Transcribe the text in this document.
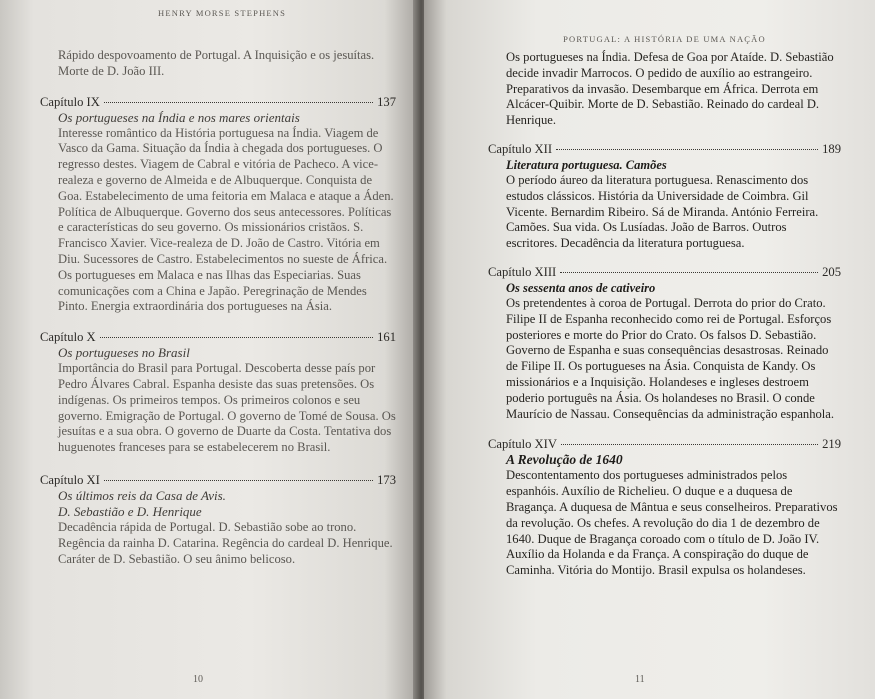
HENRY MORSE STEPHENS

Rápido despovoamento de Portugal. A Inquisição e os jesuítas. Morte de D. João III.

Capítulo IX	137

Os portugueses na Índia e nos mares orientais

Interesse romântico da História portuguesa na Índia. Viagem de Vasco da Gama. Situação da Índia à chegada dos portugueses. O regresso destes. Viagem de Cabral e vitória de Pacheco. A vice-realeza e governo de Almeida e de Albuquerque. Conquista de Goa. Estabelecimento de uma feitoria em Malaca e ataque a Áden. Política de Albuquerque. Governo dos seus antecessores. Políticas e características do seu governo. Os missionários cristãos. S. Francisco Xavier. Vice-realeza de D. João de Castro. Vitória em Diu. Sucessores de Castro. Estabelecimentos no sueste de África. Os portugueses em Malaca e nas Ilhas das Especiarias. Suas comunicações com a China e Japão. Peregrinação de Mendes Pinto. Energia extraordinária dos portugueses na Ásia.

Capítulo X	161

Os portugueses no Brasil

Importância do Brasil para Portugal. Descoberta desse país por Pedro Álvares Cabral. Espanha desiste das suas pretensões. Os indígenas. Os primeiros tempos. Os primeiros colonos e seu governo. Emigração de Portugal. O governo de Tomé de Sousa. Os jesuítas e a sua obra. O governo de Duarte da Costa. Tentativa dos huguenotes franceses para se estabelecerem no Brasil.

Capítulo XI	173

Os últimos reis da Casa de Avis.

D. Sebastião e D. Henrique

Decadência rápida de Portugal. D. Sebastião sobe ao trono. Regência da rainha D. Catarina. Regência do cardeal D. Henrique. Caráter de D. Sebastião. O seu ânimo belicoso.

10
PORTUGAL: A HISTÓRIA DE UMA NAÇÃO

Os portugueses na Índia. Defesa de Goa por Ataíde. D. Sebastião decide invadir Marrocos. O pedido de auxílio ao estrangeiro. Preparativos da invasão. Desembarque em África. Derrota em Alcácer-Quibir. Morte de D. Sebastião. Reinado do cardeal D. Henrique.

Capítulo XII	189

Literatura portuguesa. Camões

O período áureo da literatura portuguesa. Renascimento dos estudos clássicos. História da Universidade de Coimbra. Gil Vicente. Bernardim Ribeiro. Sá de Miranda. António Ferreira. Camões. Sua vida. Os Lusíadas. João de Barros. Outros escritores. Decadência da literatura portuguesa.

Capítulo XIII	205

Os sessenta anos de cativeiro

Os pretendentes à coroa de Portugal. Derrota do prior do Crato. Filipe II de Espanha reconhecido como rei de Portugal. Esforços posteriores e morte do Prior do Crato. Os falsos D. Sebastião. Governo de Espanha e suas consequências desastrosas. Reinado de Filipe II. Os portugueses na Ásia. Conquista de Kandy. Os missionários e a Inquisição. Holandeses e ingleses destroem poderio português na Ásia. Os holandeses no Brasil. O conde Maurício de Nassau. Consequências da administração espanhola.

Capítulo XIV	219

A Revolução de 1640

Descontentamento dos portugueses administrados pelos espanhóis. Auxílio de Richelieu. O duque e a duquesa de Bragança. A duquesa de Mântua e seus conselheiros. Preparativos da revolução. Os chefes. A revolução do dia 1 de dezembro de 1640. Duque de Bragança coroado com o título de D. João IV. Auxílio da Holanda e da França. A conspiração do duque de Caminha. Vitória do Montijo. Brasil expulsa os holandeses.

11
